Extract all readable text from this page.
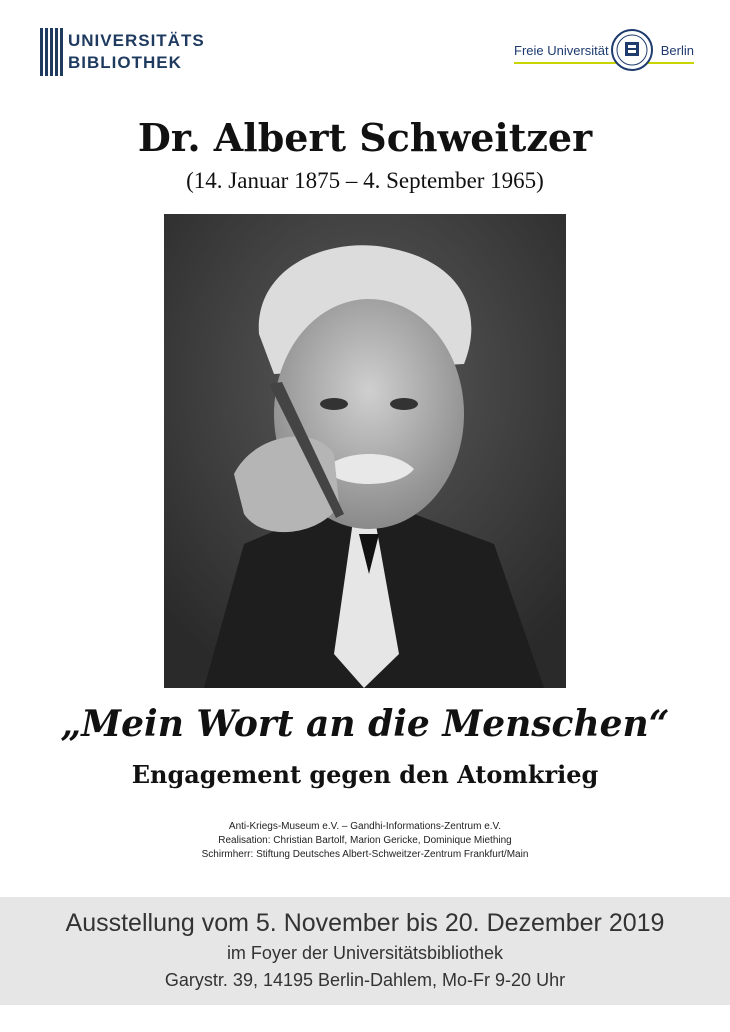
UNIVERSITÄTS
BIBLIOTHEK
Freie Universität	Berlin
Dr. Albert Schweitzer
(14. Januar 1875 – 4. September 1965)
„Mein Wort an die Menschen“
Engagement gegen den Atomkrieg
Anti-Kriegs-Museum e.V. – Gandhi-Informations-Zentrum e.V.
Realisation: Christian Bartolf, Marion Gericke, Dominique Miething
Schirmherr: Stiftung Deutsches Albert-Schweitzer-Zentrum Frankfurt/Main
Ausstellung vom 5. November bis 20. Dezember 2019
im Foyer der Universitätsbibliothek
Garystr. 39, 14195 Berlin-Dahlem, Mo-Fr 9-20 Uhr
